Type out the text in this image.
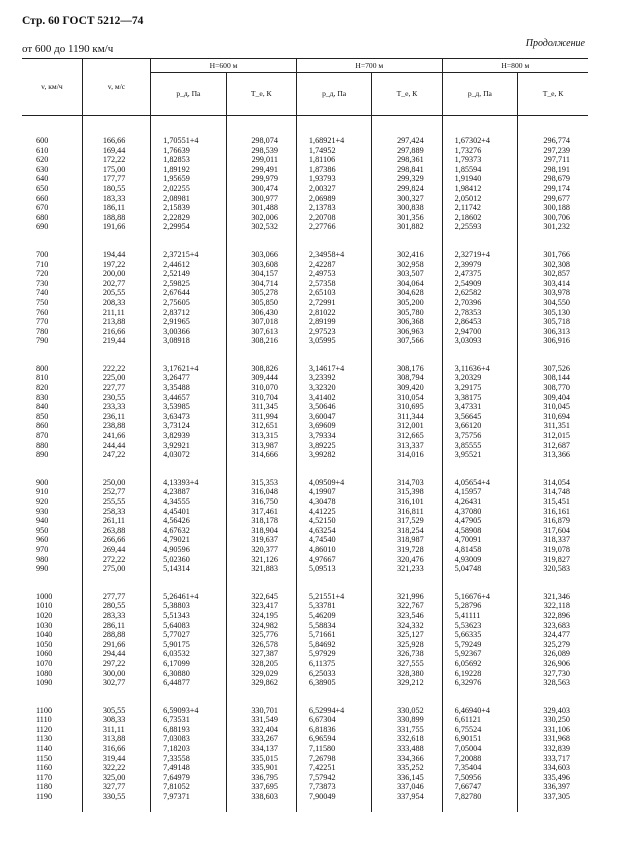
Стр. 60 ГОСТ 5212—74
Продолжение
от 600 до 1190 км/ч
v, км/ч	v, м/с	H=600 м		H=700 м		H=800 м	
		p_д, Па	T_e, К	p_д, Па	T_e, К	p_д, Па	T_e, К

600	166,66	1,70551+4	298,074	1,68921+4	297,424	1,67302+4	296,774
610	169,44	1,76639	298,539	1,74952	297,889	1,73276	297,239
620	172,22	1,82853	299,011	1,81106	298,361	1,79373	297,711
630	175,00	1,89192	299,491	1,87386	298,841	1,85594	298,191
640	177,77	1,95659	299,979	1,93793	299,329	1,91940	298,679
650	180,55	2,02255	300,474	2,00327	299,824	1,98412	299,174
660	183,33	2,08981	300,977	2,06989	300,327	2,05012	299,677
670	186,11	2,15839	301,488	2,13783	300,838	2,11742	300,188
680	188,88	2,22829	302,006	2,20708	301,356	2,18602	300,706
690	191,66	2,29954	302,532	2,27766	301,882	2,25593	301,232

700	194,44	2,37215+4	303,066	2,34958+4	302,416	2,32719+4	301,766
710	197,22	2,44612	303,608	2,42287	302,958	2,39979	302,308
720	200,00	2,52149	304,157	2,49753	303,507	2,47375	302,857
730	202,77	2,59825	304,714	2,57358	304,064	2,54909	303,414
740	205,55	2,67644	305,278	2,65103	304,628	2,62582	303,978
750	208,33	2,75605	305,850	2,72991	305,200	2,70396	304,550
760	211,11	2,83712	306,430	2,81022	305,780	2,78353	305,130
770	213,88	2,91965	307,018	2,89199	306,368	2,86453	305,718
780	216,66	3,00366	307,613	2,97523	306,963	2,94700	306,313
790	219,44	3,08918	308,216	3,05995	307,566	3,03093	306,916

800	222,22	3,17621+4	308,826	3,14617+4	308,176	3,11636+4	307,526
810	225,00	3,26477	309,444	3,23392	308,794	3,20329	308,144
820	227,77	3,35488	310,070	3,32320	309,420	3,29175	308,770
830	230,55	3,44657	310,704	3,41402	310,054	3,38175	309,404
840	233,33	3,53985	311,345	3,50646	310,695	3,47331	310,045
850	236,11	3,63473	311,994	3,60047	311,344	3,56645	310,694
860	238,88	3,73124	312,651	3,69609	312,001	3,66120	311,351
870	241,66	3,82939	313,315	3,79334	312,665	3,75756	312,015
880	244,44	3,92921	313,987	3,89225	313,337	3,85555	312,687
890	247,22	4,03072	314,666	3,99282	314,016	3,95521	313,366

900	250,00	4,13393+4	315,353	4,09509+4	314,703	4,05654+4	314,054
910	252,77	4,23887	316,048	4,19907	315,398	4,15957	314,748
920	255,55	4,34555	316,750	4,30478	316,101	4,26431	315,451
930	258,33	4,45401	317,461	4,41225	316,811	4,37080	316,161
940	261,11	4,56426	318,178	4,52150	317,529	4,47905	316,879
950	263,88	4,67632	318,904	4,63254	318,254	4,58908	317,604
960	266,66	4,79021	319,637	4,74540	318,987	4,70091	318,337
970	269,44	4,90596	320,377	4,86010	319,728	4,81458	319,078
980	272,22	5,02360	321,126	4,97667	320,476	4,93009	319,827
990	275,00	5,14314	321,883	5,09513	321,233	5,04748	320,583

1000	277,77	5,26461+4	322,645	5,21551+4	321,996	5,16676+4	321,346
1010	280,55	5,38803	323,417	5,33781	322,767	5,28796	322,118
1020	283,33	5,51343	324,195	5,46209	323,546	5,41111	322,896
1030	286,11	5,64083	324,982	5,58834	324,332	5,53623	323,683
1040	288,88	5,77027	325,776	5,71661	325,127	5,66335	324,477
1050	291,66	5,90175	326,578	5,84692	325,928	5,79249	325,279
1060	294,44	6,03532	327,387	5,97929	326,738	5,92367	326,089
1070	297,22	6,17099	328,205	6,11375	327,555	6,05692	326,906
1080	300,00	6,30880	329,029	6,25033	328,380	6,19228	327,730
1090	302,77	6,44877	329,862	6,38905	329,212	6,32976	328,563

1100	305,55	6,59093+4	330,701	6,52994+4	330,052	6,46940+4	329,403
1110	308,33	6,73531	331,549	6,67304	330,899	6,61121	330,250
1120	311,11	6,88193	332,404	6,81836	331,755	6,75524	331,106
1130	313,88	7,03083	333,267	6,96594	332,618	6,90151	331,968
1140	316,66	7,18203	334,137	7,11580	333,488	7,05004	332,839
1150	319,44	7,33558	335,015	7,26798	334,366	7,20088	333,717
1160	322,22	7,49148	335,901	7,42251	335,252	7,35404	334,603
1170	325,00	7,64979	336,795	7,57942	336,145	7,50956	335,496
1180	327,77	7,81052	337,695	7,73873	337,046	7,66747	336,397
1190	330,55	7,97371	338,603	7,90049	337,954	7,82780	337,305
